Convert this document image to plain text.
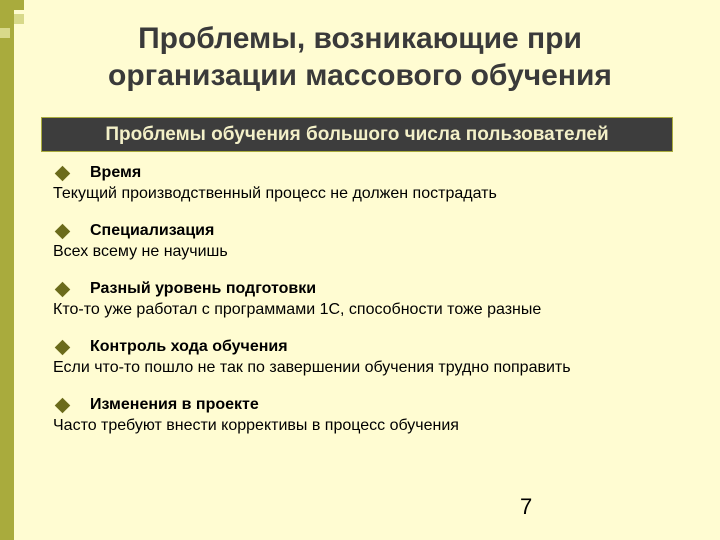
Проблемы, возникающие при
организации массового обучения
Проблемы обучения большого числа пользователей
Время
Текущий производственный процесс не должен пострадать
Специализация
Всех всему не научишь
Разный уровень подготовки
Кто-то уже работал с программами 1С, способности тоже разные
Контроль хода обучения
Если что-то пошло не так по завершении обучения трудно поправить
Изменения в проекте
Часто требуют внести коррективы в процесс обучения
7
